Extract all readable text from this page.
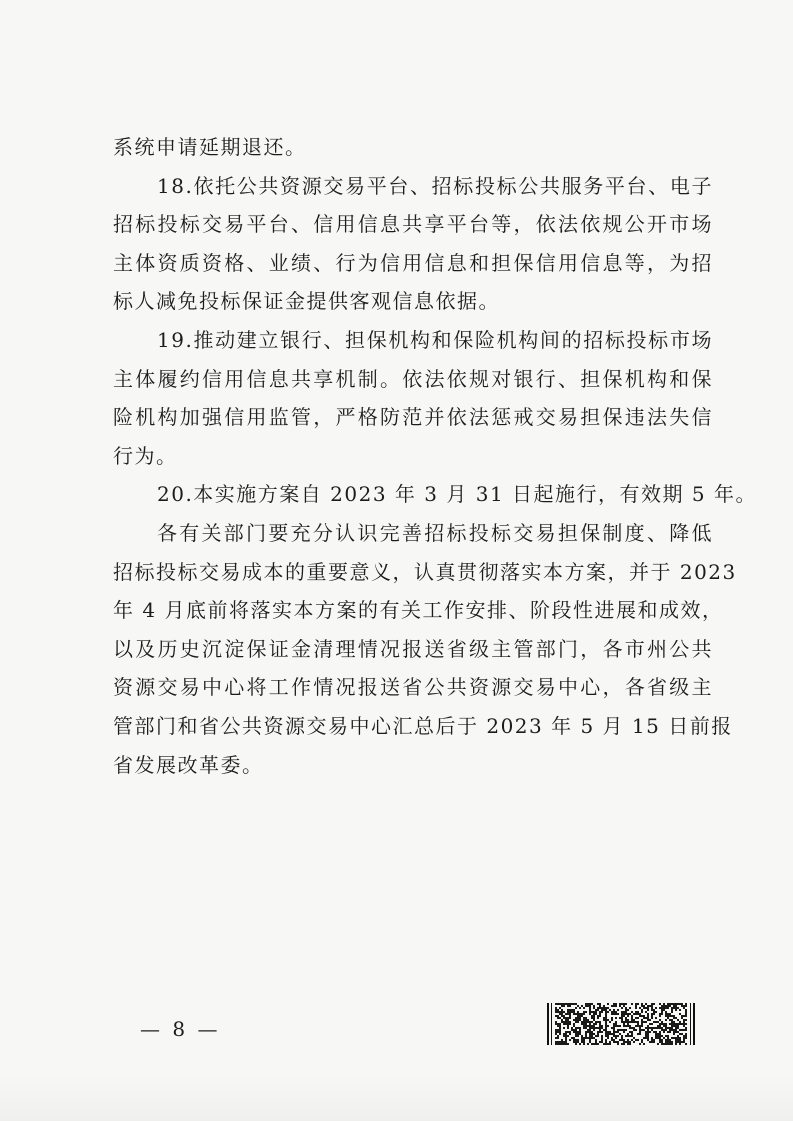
系统申请延期退还。
18.依托公共资源交易平台、招标投标公共服务平台、电子
招标投标交易平台、信用信息共享平台等，依法依规公开市场
主体资质资格、业绩、行为信用信息和担保信用信息等，为招
标人减免投标保证金提供客观信息依据。
19.推动建立银行、担保机构和保险机构间的招标投标市场
主体履约信用信息共享机制。依法依规对银行、担保机构和保
险机构加强信用监管，严格防范并依法惩戒交易担保违法失信
行为。
20.本实施方案自 2023 年 3 月 31 日起施行，有效期 5 年。
各有关部门要充分认识完善招标投标交易担保制度、降低
招标投标交易成本的重要意义，认真贯彻落实本方案，并于 2023
年 4 月底前将落实本方案的有关工作安排、阶段性进展和成效，
以及历史沉淀保证金清理情况报送省级主管部门，各市州公共
资源交易中心将工作情况报送省公共资源交易中心，各省级主
管部门和省公共资源交易中心汇总后于 2023 年 5 月 15 日前报
省发展改革委。
— 8 —
